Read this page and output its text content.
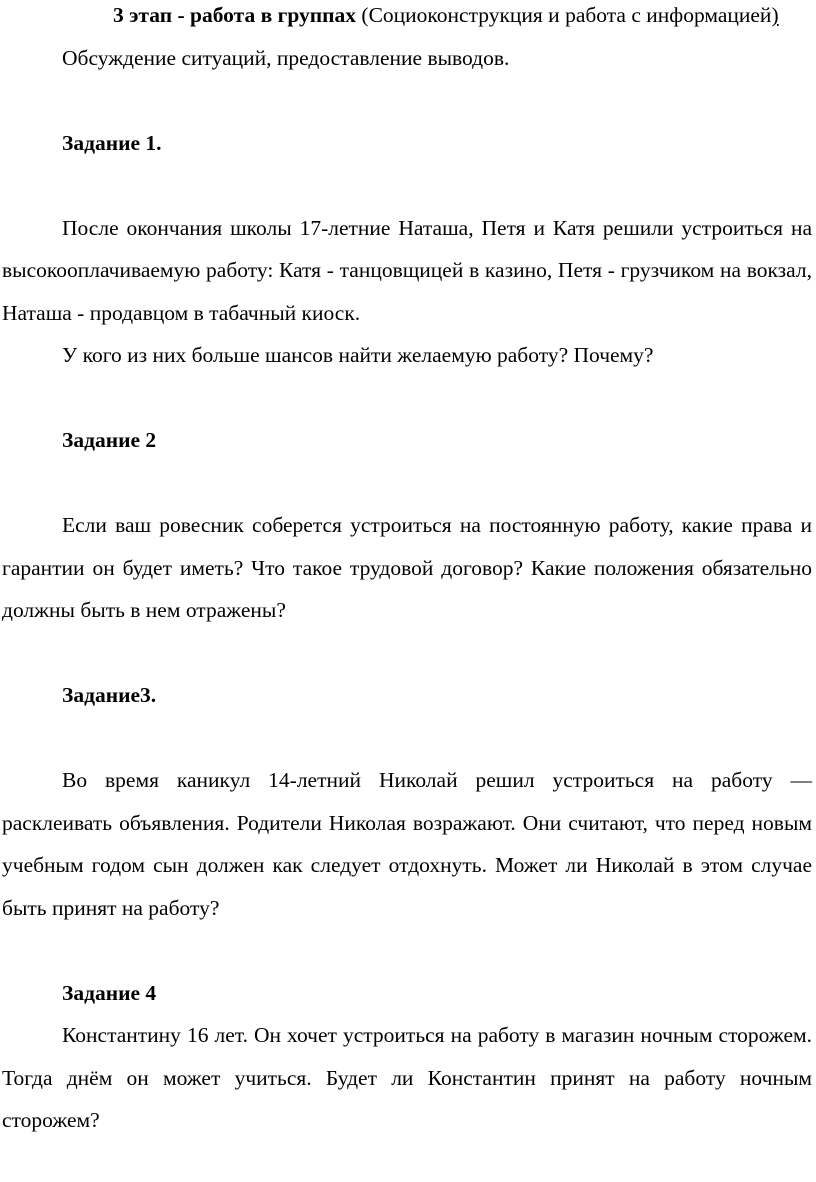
3 этап - работа в группах (Социоконструкция и работа с информацией)

Обсуждение ситуаций, предоставление выводов.

Задание 1.

После окончания школы 17-летние Наташа, Петя и Катя решили устроиться на высокооплачиваемую работу: Катя - танцовщицей в казино, Петя - грузчиком на вокзал, Наташа - продавцом в табачный киоск.

У кого из них больше шансов найти желаемую работу? Почему?

Задание 2

Если ваш ровесник соберется устроиться на постоянную работу, какие права и гарантии он будет иметь? Что такое трудовой договор? Какие положения обязательно должны быть в нем отражены?

Задание3.

Во время каникул 14-летний Николай решил устроиться на работу — расклеивать объявления. Родители Николая возражают. Они считают, что перед новым учебным годом сын должен как следует отдохнуть. Может ли Николай в этом случае быть принят на работу?

Задание 4

Константину 16 лет. Он хочет устроиться на работу в магазин ночным сторожем. Тогда днём он может учиться. Будет ли Константин принят на работу ночным сторожем?
